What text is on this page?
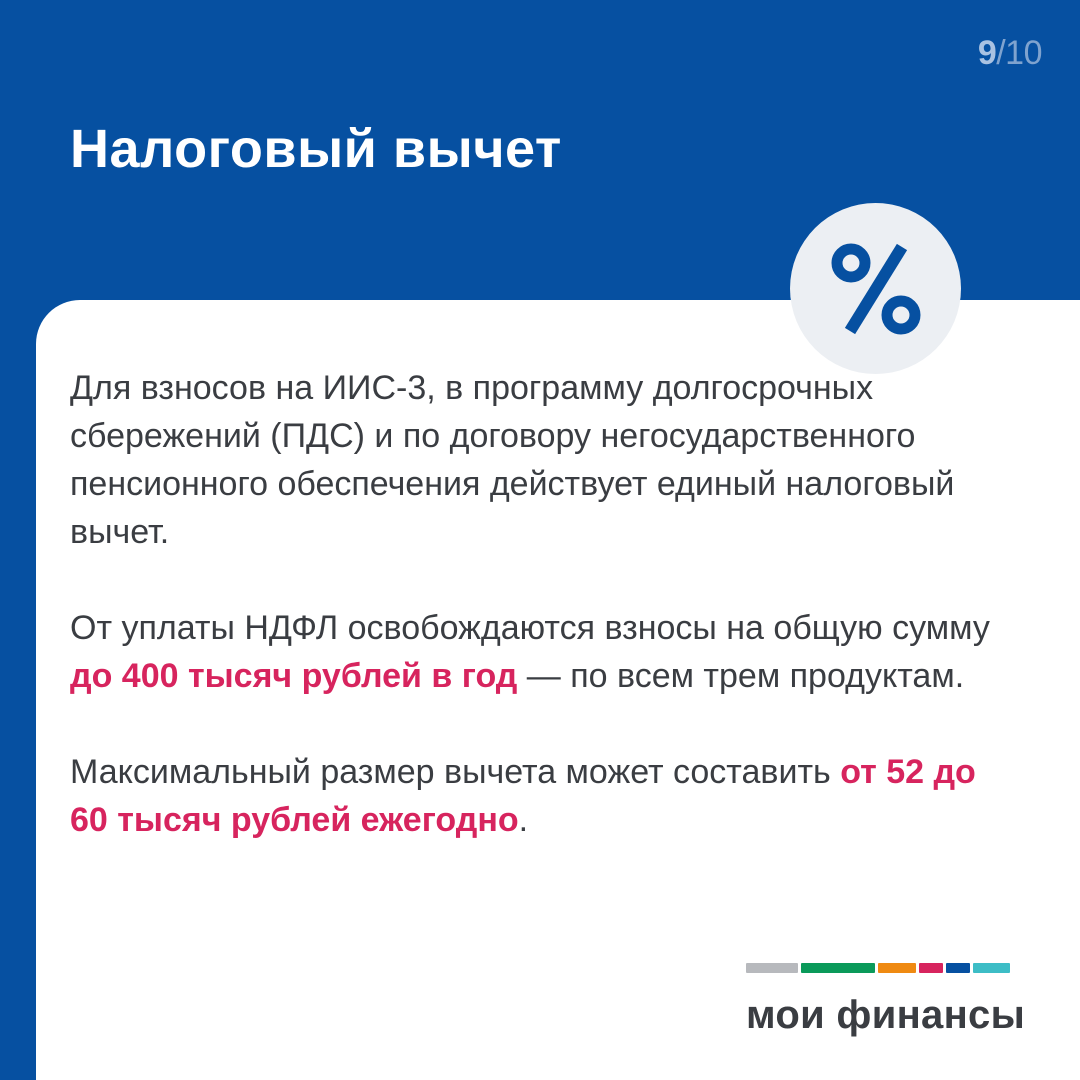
9/10
Налоговый вычет

Для взносов на ИИС-3, в программу долгосрочных сбережений (ПДС) и по договору негосударственного пенсионного обеспечения действует единый налоговый вычет.

От уплаты НДФЛ освобождаются взносы на общую сумму до 400 тысяч рублей в год — по всем трем продуктам.

Максимальный размер вычета может составить от 52 до 60 тысяч рублей ежегодно.

мои финансы
